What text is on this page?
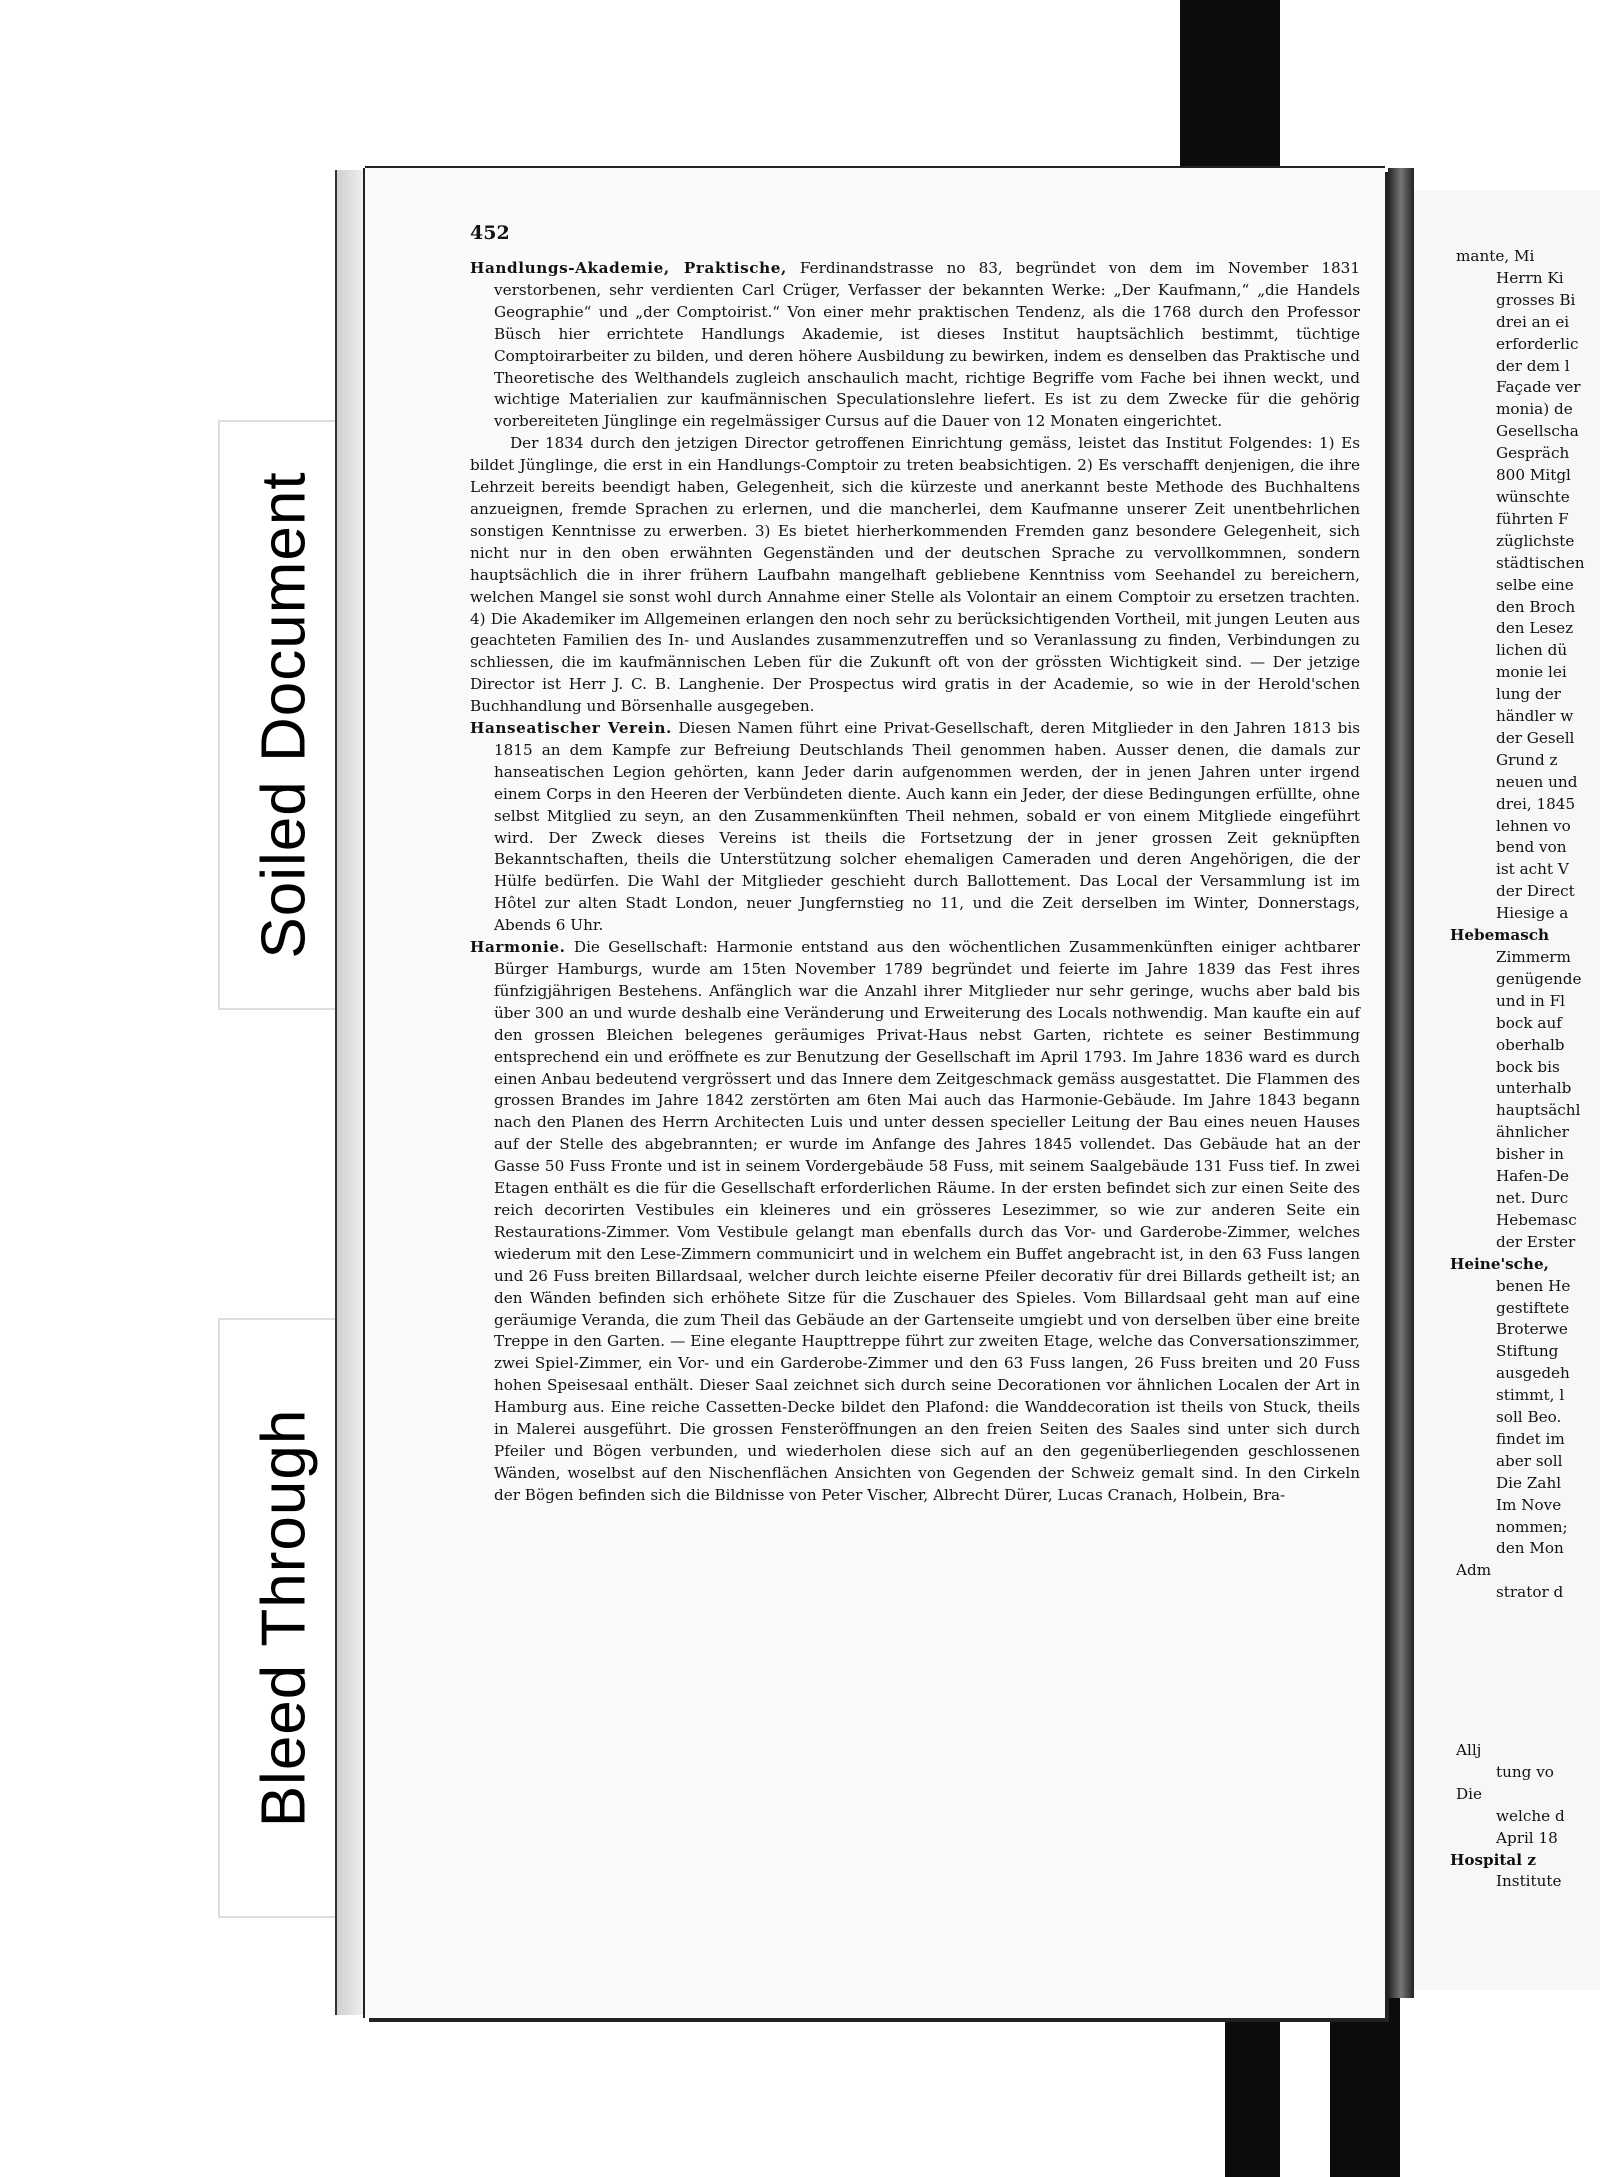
Soiled Document
Bleed Through
452

Handlungs-Akademie, Praktische, Ferdinandstrasse no 83, begründet von dem im November 1831 verstorbenen, sehr verdienten Carl Crüger, Verfasser der bekannten Werke: „Der Kaufmann,“ „die Handels Geographie“ und „der Comptoirist.“ Von einer mehr praktischen Tendenz, als die 1768 durch den Professor Büsch hier errichtete Handlungs Akademie, ist dieses Institut hauptsächlich bestimmt, tüchtige Comptoirarbeiter zu bilden, und deren höhere Ausbildung zu bewirken, indem es denselben das Praktische und Theoretische des Welthandels zugleich anschaulich macht, richtige Begriffe vom Fache bei ihnen weckt, und wichtige Materialien zur kaufmännischen Speculationslehre liefert. Es ist zu dem Zwecke für die gehörig vorbereiteten Jünglinge ein regelmässiger Cursus auf die Dauer von 12 Monaten eingerichtet.

Der 1834 durch den jetzigen Director getroffenen Einrichtung gemäss, leistet das Institut Folgendes: 1) Es bildet Jünglinge, die erst in ein Handlungs-Comptoir zu treten beabsichtigen. 2) Es verschafft denjenigen, die ihre Lehrzeit bereits beendigt haben, Gelegenheit, sich die kürzeste und anerkannt beste Methode des Buchhaltens anzueignen, fremde Sprachen zu erlernen, und die mancherlei, dem Kaufmanne unserer Zeit unentbehrlichen sonstigen Kenntnisse zu erwerben. 3) Es bietet hierherkommenden Fremden ganz besondere Gelegenheit, sich nicht nur in den oben erwähnten Gegenständen und der deutschen Sprache zu vervollkommnen, sondern hauptsächlich die in ihrer frühern Laufbahn mangelhaft gebliebene Kenntniss vom Seehandel zu bereichern, welchen Mangel sie sonst wohl durch Annahme einer Stelle als Volontair an einem Comptoir zu ersetzen trachten. 4) Die Akademiker im Allgemeinen erlangen den noch sehr zu berücksichtigenden Vortheil, mit jungen Leuten aus geachteten Familien des In- und Auslandes zusammenzutreffen und so Veranlassung zu finden, Verbindungen zu schliessen, die im kaufmännischen Leben für die Zukunft oft von der grössten Wichtigkeit sind. — Der jetzige Director ist Herr J. C. B. Langhenie. Der Prospectus wird gratis in der Academie, so wie in der Herold'schen Buchhandlung und Börsenhalle ausgegeben.

Hanseatischer Verein. Diesen Namen führt eine Privat-Gesellschaft, deren Mitglieder in den Jahren 1813 bis 1815 an dem Kampfe zur Befreiung Deutschlands Theil genommen haben. Ausser denen, die damals zur hanseatischen Legion gehörten, kann Jeder darin aufgenommen werden, der in jenen Jahren unter irgend einem Corps in den Heeren der Verbündeten diente. Auch kann ein Jeder, der diese Bedingungen erfüllte, ohne selbst Mitglied zu seyn, an den Zusammenkünften Theil nehmen, sobald er von einem Mitgliede eingeführt wird. Der Zweck dieses Vereins ist theils die Fortsetzung der in jener grossen Zeit geknüpften Bekanntschaften, theils die Unterstützung solcher ehemaligen Cameraden und deren Angehörigen, die der Hülfe bedürfen. Die Wahl der Mitglieder geschieht durch Ballottement. Das Local der Versammlung ist im Hôtel zur alten Stadt London, neuer Jungfernstieg no 11, und die Zeit derselben im Winter, Donnerstags, Abends 6 Uhr.

Harmonie. Die Gesellschaft: Harmonie entstand aus den wöchentlichen Zusammenkünften einiger achtbarer Bürger Hamburgs, wurde am 15ten November 1789 begründet und feierte im Jahre 1839 das Fest ihres fünfzigjährigen Bestehens. Anfänglich war die Anzahl ihrer Mitglieder nur sehr geringe, wuchs aber bald bis über 300 an und wurde deshalb eine Veränderung und Erweiterung des Locals nothwendig. Man kaufte ein auf den grossen Bleichen belegenes geräumiges Privat-Haus nebst Garten, richtete es seiner Bestimmung entsprechend ein und eröffnete es zur Benutzung der Gesellschaft im April 1793. Im Jahre 1836 ward es durch einen Anbau bedeutend vergrössert und das Innere dem Zeitgeschmack gemäss ausgestattet. Die Flammen des grossen Brandes im Jahre 1842 zerstörten am 6ten Mai auch das Harmonie-Gebäude. Im Jahre 1843 begann nach den Planen des Herrn Architecten Luis und unter dessen specieller Leitung der Bau eines neuen Hauses auf der Stelle des abgebrannten; er wurde im Anfange des Jahres 1845 vollendet. Das Gebäude hat an der Gasse 50 Fuss Fronte und ist in seinem Vordergebäude 58 Fuss, mit seinem Saalgebäude 131 Fuss tief. In zwei Etagen enthält es die für die Gesellschaft erforderlichen Räume. In der ersten befindet sich zur einen Seite des reich decorirten Vestibules ein kleineres und ein grösseres Lesezimmer, so wie zur anderen Seite ein Restaurations-Zimmer. Vom Vestibule gelangt man ebenfalls durch das Vor- und Garderobe-Zimmer, welches wiederum mit den Lese-Zimmern communicirt und in welchem ein Buffet angebracht ist, in den 63 Fuss langen und 26 Fuss breiten Billardsaal, welcher durch leichte eiserne Pfeiler decorativ für drei Billards getheilt ist; an den Wänden befinden sich erhöhete Sitze für die Zuschauer des Spieles. Vom Billardsaal geht man auf eine geräumige Veranda, die zum Theil das Gebäude an der Gartenseite umgiebt und von derselben über eine breite Treppe in den Garten. — Eine elegante Haupttreppe führt zur zweiten Etage, welche das Conversationszimmer, zwei Spiel-Zimmer, ein Vor- und ein Garderobe-Zimmer und den 63 Fuss langen, 26 Fuss breiten und 20 Fuss hohen Speisesaal enthält. Dieser Saal zeichnet sich durch seine Decorationen vor ähnlichen Localen der Art in Hamburg aus. Eine reiche Cassetten-Decke bildet den Plafond: die Wanddecoration ist theils von Stuck, theils in Malerei ausgeführt. Die grossen Fensteröffnungen an den freien Seiten des Saales sind unter sich durch Pfeiler und Bögen verbunden, und wiederholen diese sich auf an den gegenüberliegenden geschlossenen Wänden, woselbst auf den Nischenflächen Ansichten von Gegenden der Schweiz gemalt sind. In den Cirkeln der Bögen befinden sich die Bildnisse von Peter Vischer, Albrecht Dürer, Lucas Cranach, Holbein, Bra-

mante, Mi
Herrn Ki
grosses Bi
drei an ei
erforderlic
der dem l
Façade ver
monia) de
Gesellscha
Gespräch
800 Mitgl
wünschte
führten F
züglichste
städtischen
selbe eine
den Broch
den Lesez
lichen dü
monie lei
lung der
händler w
der Gesell
Grund z
neuen und
drei, 1845
lehnen vo
bend von
ist acht V
der Direct
Hiesige a
Hebemasch
Zimmerm
genügende
und in Fl
bock auf
oberhalb
bock bis
unterhalb
hauptsächl
ähnlicher
bisher in
Hafen-De
net. Durc
Hebemasc
der Erster
Heine'sche,
benen He
gestiftete
Broterwe
Stiftung
ausgedeh
stimmt, l
soll Beo.
findet im
aber soll
Die Zahl
Im Nove
nommen;
den Mon
Adm
strator d
Allj
tung vo
Die
welche d
April 18
Hospital z
Institute
